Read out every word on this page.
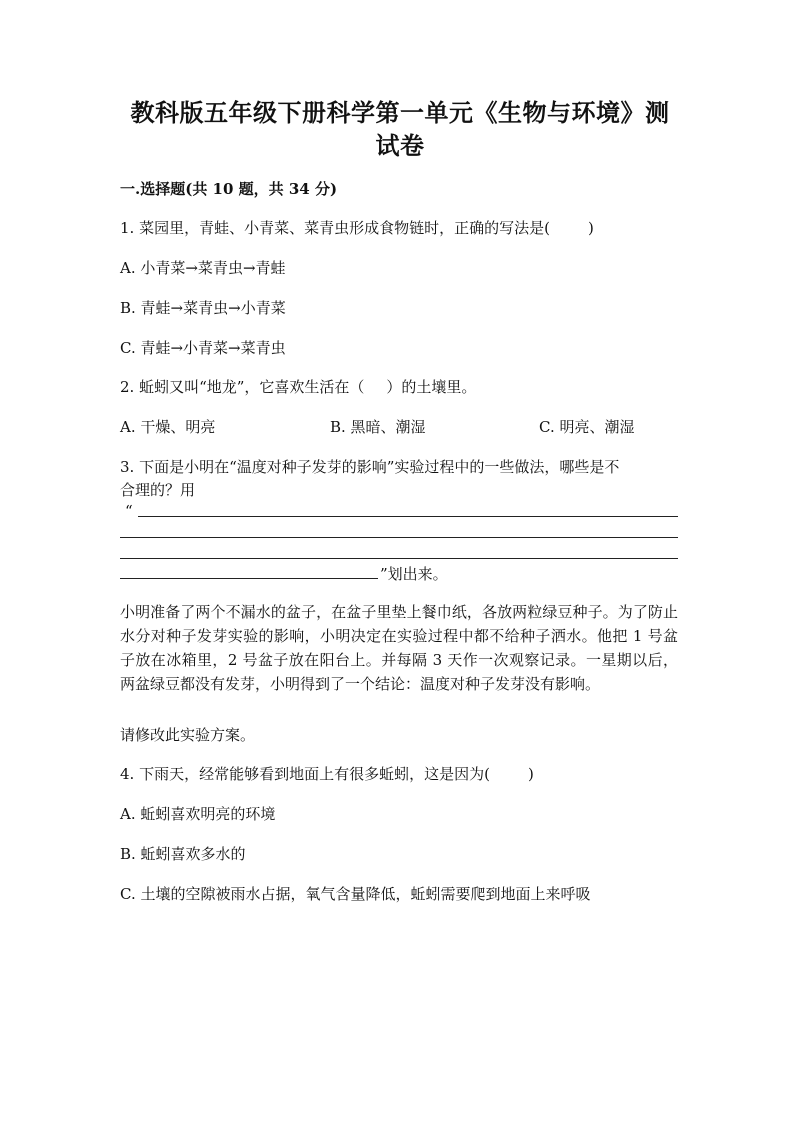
教科版五年级下册科学第一单元《生物与环境》测
试卷
一.选择题(共 10 题，共 34 分)
1. 菜园里，青蛙、小青菜、菜青虫形成食物链时，正确的写法是(	)
A. 小青菜→菜青虫→青蛙
B. 青蛙→菜青虫→小青菜
C. 青蛙→小青菜→菜青虫
2. 蚯蚓又叫“地龙”，它喜欢生活在（ ）的土壤里。
A. 干燥、明亮	B. 黑暗、潮湿	C. 明亮、潮湿
3. 下面是小明在“温度对种子发芽的影响”实验过程中的一些做法，哪些是不
合理的？用
“
”划出来。
小明准备了两个不漏水的盆子，在盆子里垫上餐巾纸，各放两粒绿豆种子。为了防止水分对种子发芽实验的影响，小明决定在实验过程中都不给种子洒水。他把 1 号盆子放在冰箱里，2 号盆子放在阳台上。并每隔 3 天作一次观察记录。一星期以后，两盆绿豆都没有发芽，小明得到了一个结论：温度对种子发芽没有影响。
请修改此实验方案。
4. 下雨天，经常能够看到地面上有很多蚯蚓，这是因为(	)
A. 蚯蚓喜欢明亮的环境
B. 蚯蚓喜欢多水的
C. 土壤的空隙被雨水占据，氧气含量降低，蚯蚓需要爬到地面上来呼吸
